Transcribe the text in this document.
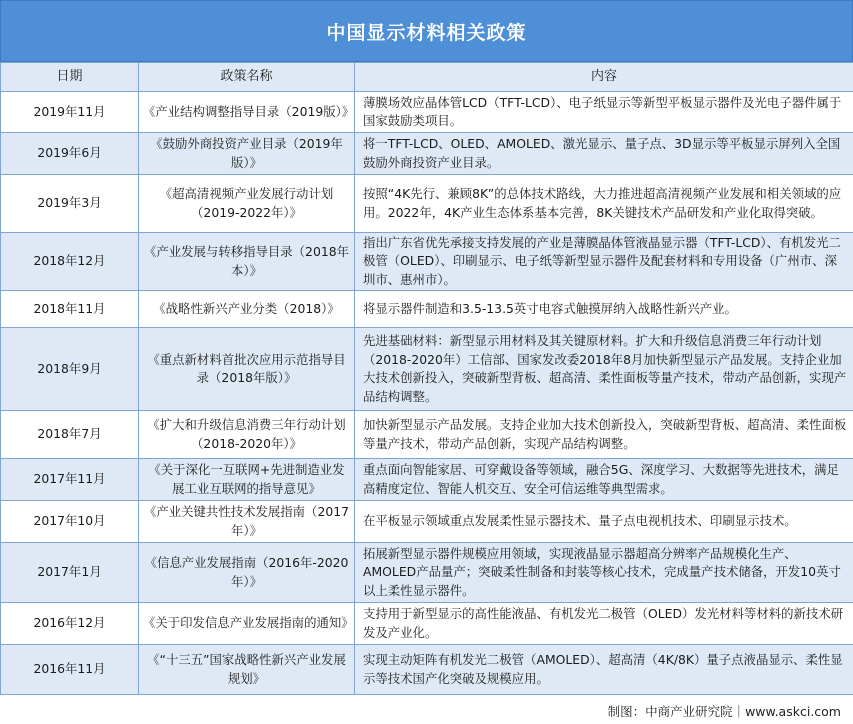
中国显示材料相关政策
日期	政策名称	内容
2019年11月	《产业结构调整指导目录（2019版）》	薄膜场效应晶体管LCD（TFT-LCD）、电子纸显示等新型平板显示器件及光电子器件属于国家鼓励类项目。
2019年6月	《鼓励外商投资产业目录（2019年版）》	将一TFT-LCD、OLED、AMOLED、激光显示、量子点、3D显示等平板显示屏列入全国鼓励外商投资产业目录。
2019年3月	《超高清视频产业发展行动计划（2019-2022年）》	按照“4K先行、兼顾8K”的总体技术路线，大力推进超高清视频产业发展和相关领域的应用。2022年，4K产业生态体系基本完善，8K关键技术产品研发和产业化取得突破。
2018年12月	《产业发展与转移指导目录（2018年本）》	指出广东省优先承接支持发展的产业是薄膜晶体管液晶显示器（TFT-LCD）、有机发光二极管（OLED）、印刷显示、电子纸等新型显示器件及配套材料和专用设备（广州市、深圳市、惠州市）。
2018年11月	《战略性新兴产业分类（2018）》	将显示器件制造和3.5-13.5英寸电容式触摸屏纳入战略性新兴产业。
2018年9月	《重点新材料首批次应用示范指导目录（2018年版）》	先进基础材料：新型显示用材料及其关键原材料。扩大和升级信息消费三年行动计划（2018-2020年）工信部、国家发改委2018年8月加快新型显示产品发展。支持企业加大技术创新投入，突破新型背板、超高清、柔性面板等量产技术，带动产品创新，实现产品结构调整。
2018年7月	《扩大和升级信息消费三年行动计划（2018-2020年）》	加快新型显示产品发展。支持企业加大技术创新投入，突破新型背板、超高清、柔性面板等量产技术，带动产品创新，实现产品结构调整。
2017年11月	《关于深化一互联网+先进制造业发展工业互联网的指导意见》	重点面向智能家居、可穿戴设备等领域，融合5G、深度学习、大数据等先进技术，满足高精度定位、智能人机交互、安全可信运维等典型需求。
2017年10月	《产业关键共性技术发展指南（2017年）》	在平板显示领域重点发展柔性显示器技术、量子点电视机技术、印刷显示技术。
2017年1月	《信息产业发展指南（2016年-2020年）》	拓展新型显示器件规模应用领域，实现液晶显示器超高分辨率产品规模化生产、AMOLED产品量产；突破柔性制备和封装等核心技术，完成量产技术储备，开发10英寸以上柔性显示器件。
2016年12月	《关于印发信息产业发展指南的通知》	支持用于新型显示的高性能液晶、有机发光二极管（OLED）发光材料等材料的新技术研发及产业化。
2016年11月	《“十三五”国家战略性新兴产业发展规划》	实现主动矩阵有机发光二极管（AMOLED）、超高清（4K/8K）量子点液晶显示、柔性显示等技术国产化突破及规模应用。
制图：中商产业研究院｜www.askci.com
